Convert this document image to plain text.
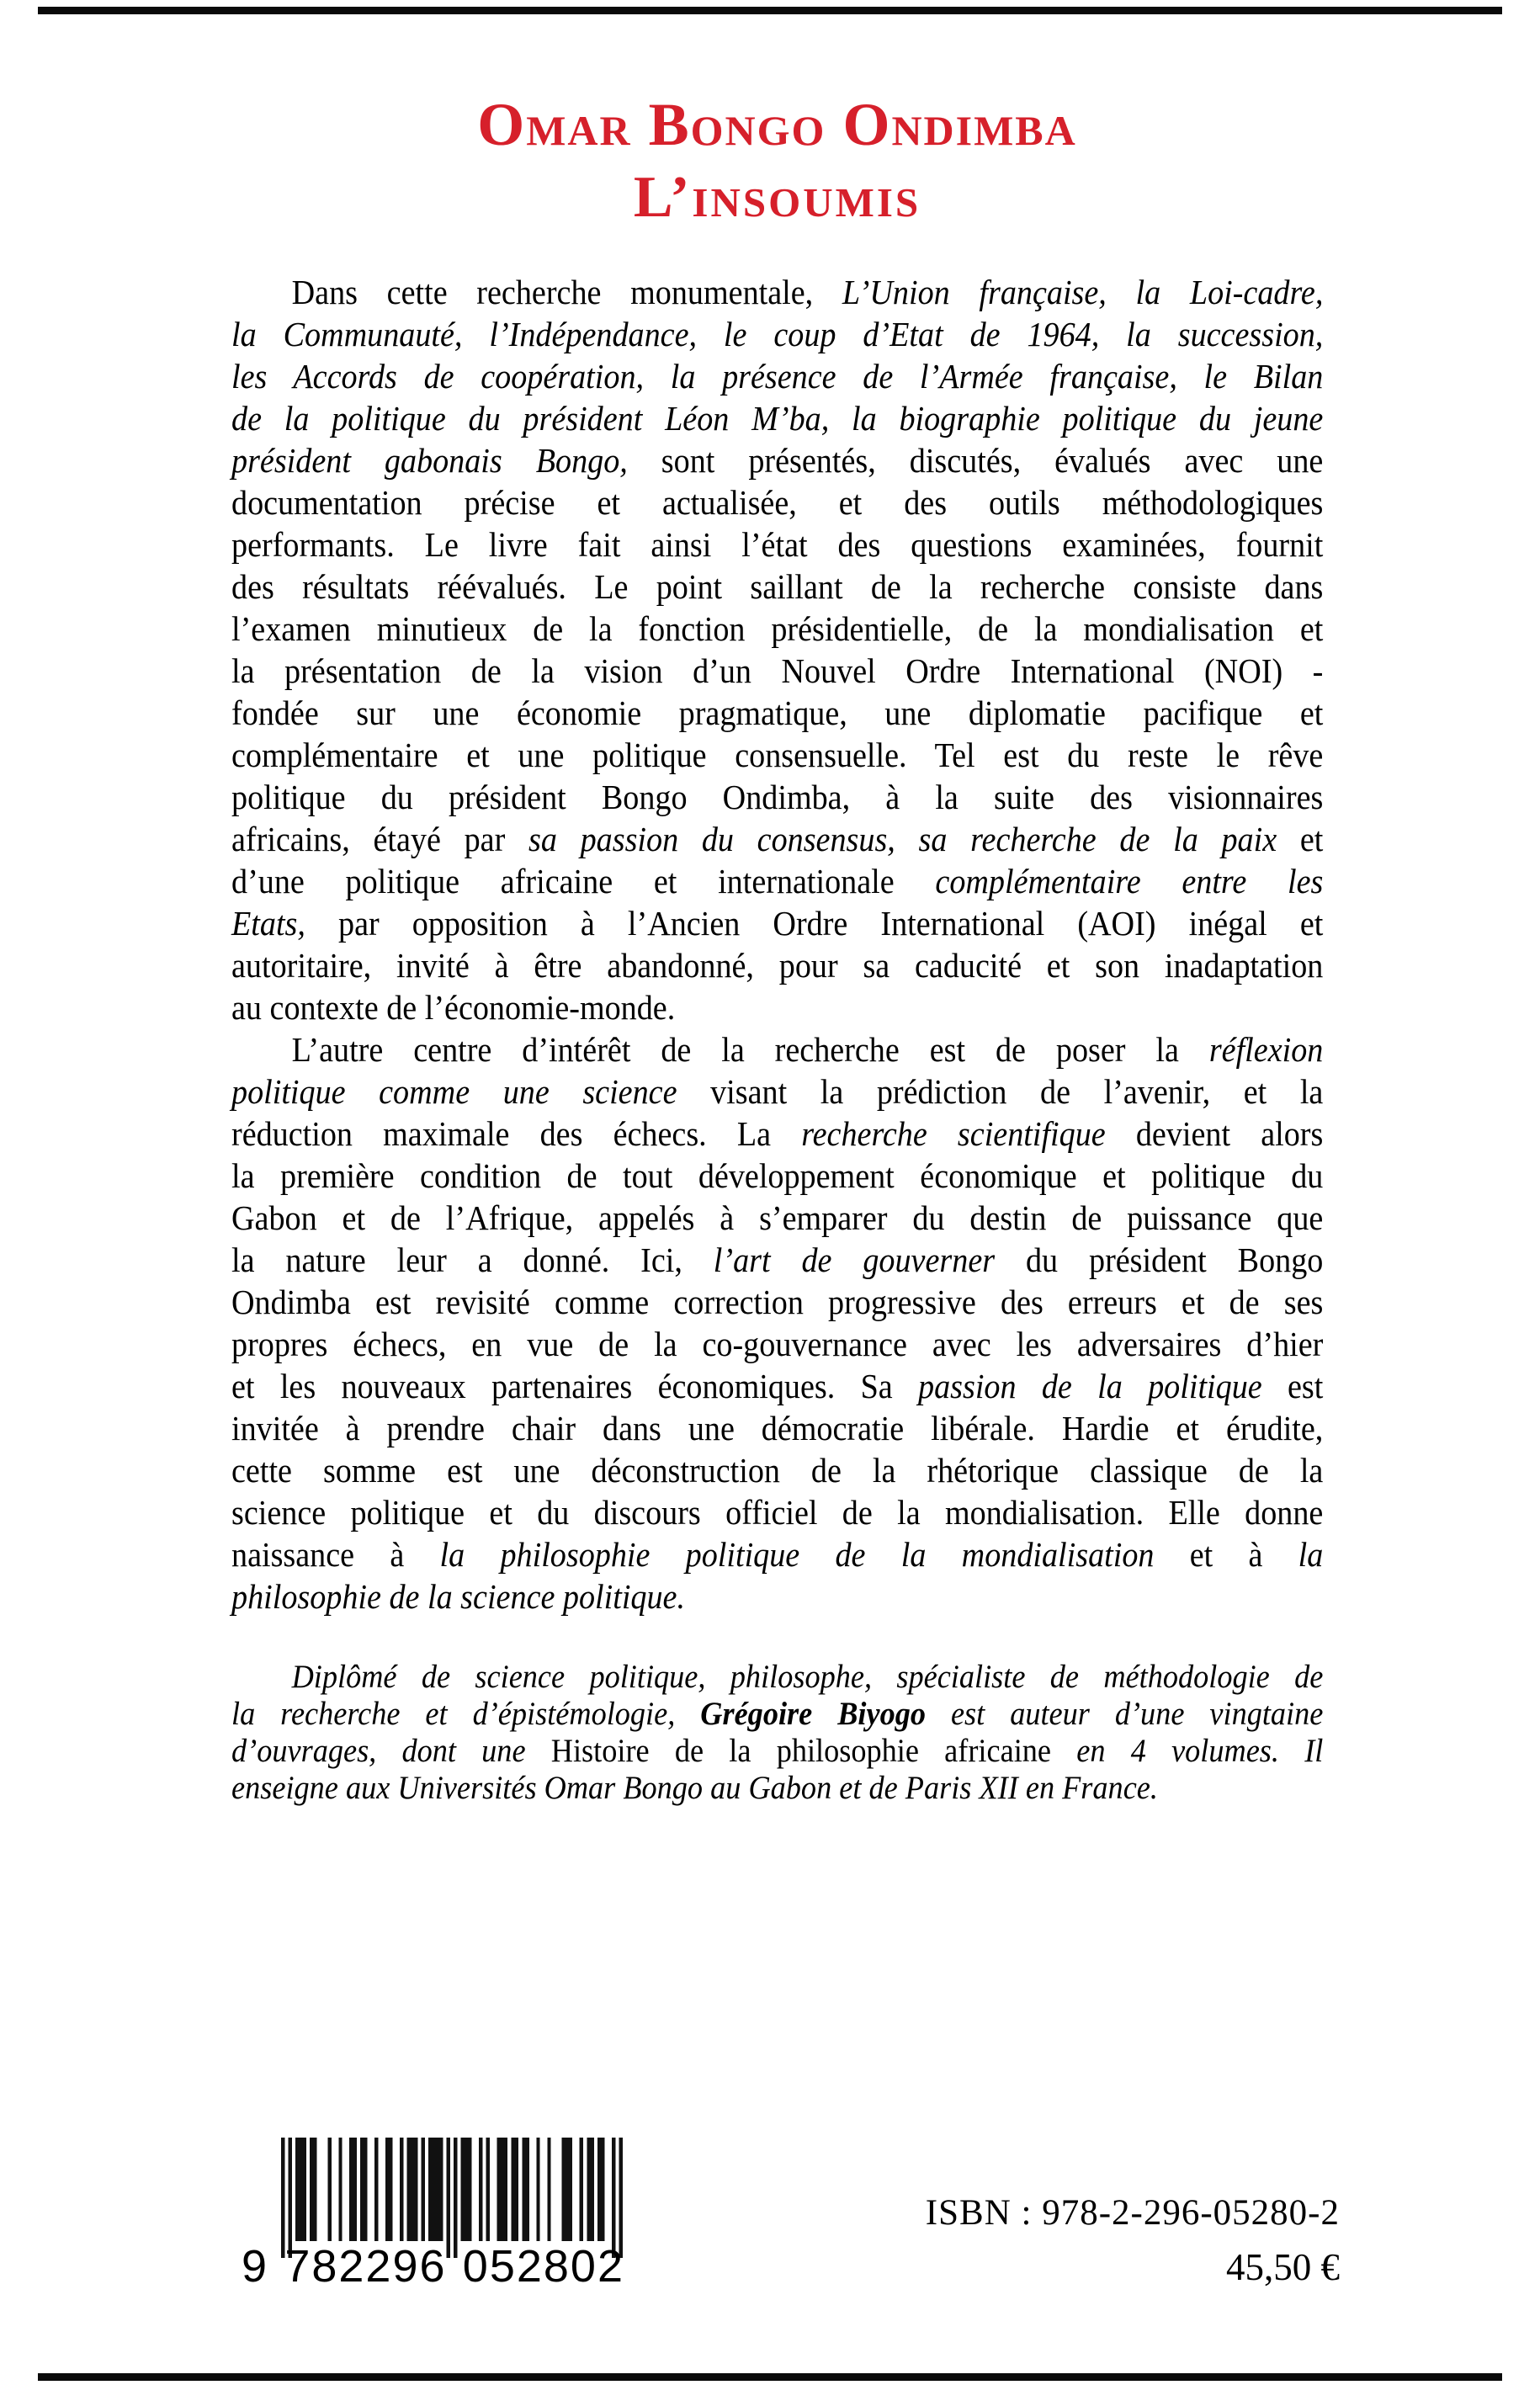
Omar Bongo Ondimba
L’insoumis
Dans cette recherche monumentale, L’Union française, la Loi-cadre,
la Communauté, l’Indépendance, le coup d’Etat de 1964, la succession,
les Accords de coopération, la présence de l’Armée française, le Bilan
de la politique du président Léon M’ba, la biographie politique du jeune
président gabonais Bongo, sont présentés, discutés, évalués avec une
documentation précise et actualisée, et des outils méthodologiques
performants. Le livre fait ainsi l’état des questions examinées, fournit
des résultats réévalués. Le point saillant de la recherche consiste dans
l’examen minutieux de la fonction présidentielle, de la mondialisation et
la présentation de la vision d’un Nouvel Ordre International (NOI) -
fondée sur une économie pragmatique, une diplomatie pacifique et
complémentaire et une politique consensuelle. Tel est du reste le rêve
politique du président Bongo Ondimba, à la suite des visionnaires
africains, étayé par sa passion du consensus, sa recherche de la paix et
d’une politique africaine et internationale complémentaire entre les
Etats, par opposition à l’Ancien Ordre International (AOI) inégal et
autoritaire, invité à être abandonné, pour sa caducité et son inadaptation
au contexte de l’économie-monde.
L’autre centre d’intérêt de la recherche est de poser la réflexion
politique comme une science visant la prédiction de l’avenir, et la
réduction maximale des échecs. La recherche scientifique devient alors
la première condition de tout développement économique et politique du
Gabon et de l’Afrique, appelés à s’emparer du destin de puissance que
la nature leur a donné. Ici, l’art de gouverner du président Bongo
Ondimba est revisité comme correction progressive des erreurs et de ses
propres échecs, en vue de la co-gouvernance avec les adversaires d’hier
et les nouveaux partenaires économiques. Sa passion de la politique est
invitée à prendre chair dans une démocratie libérale. Hardie et érudite,
cette somme est une déconstruction de la rhétorique classique de la
science politique et du discours officiel de la mondialisation. Elle donne
naissance à la philosophie politique de la mondialisation et à la
philosophie de la science politique.
Diplômé de science politique, philosophe, spécialiste de méthodologie de
la recherche et d’épistémologie, Grégoire Biyogo est auteur d’une vingtaine
d’ouvrages, dont une Histoire de la philosophie africaine en 4 volumes. Il
enseigne aux Universités Omar Bongo au Gabon et de Paris XII en France.
9 782296 052802
ISBN : 978-2-296-05280-2
45,50 €
